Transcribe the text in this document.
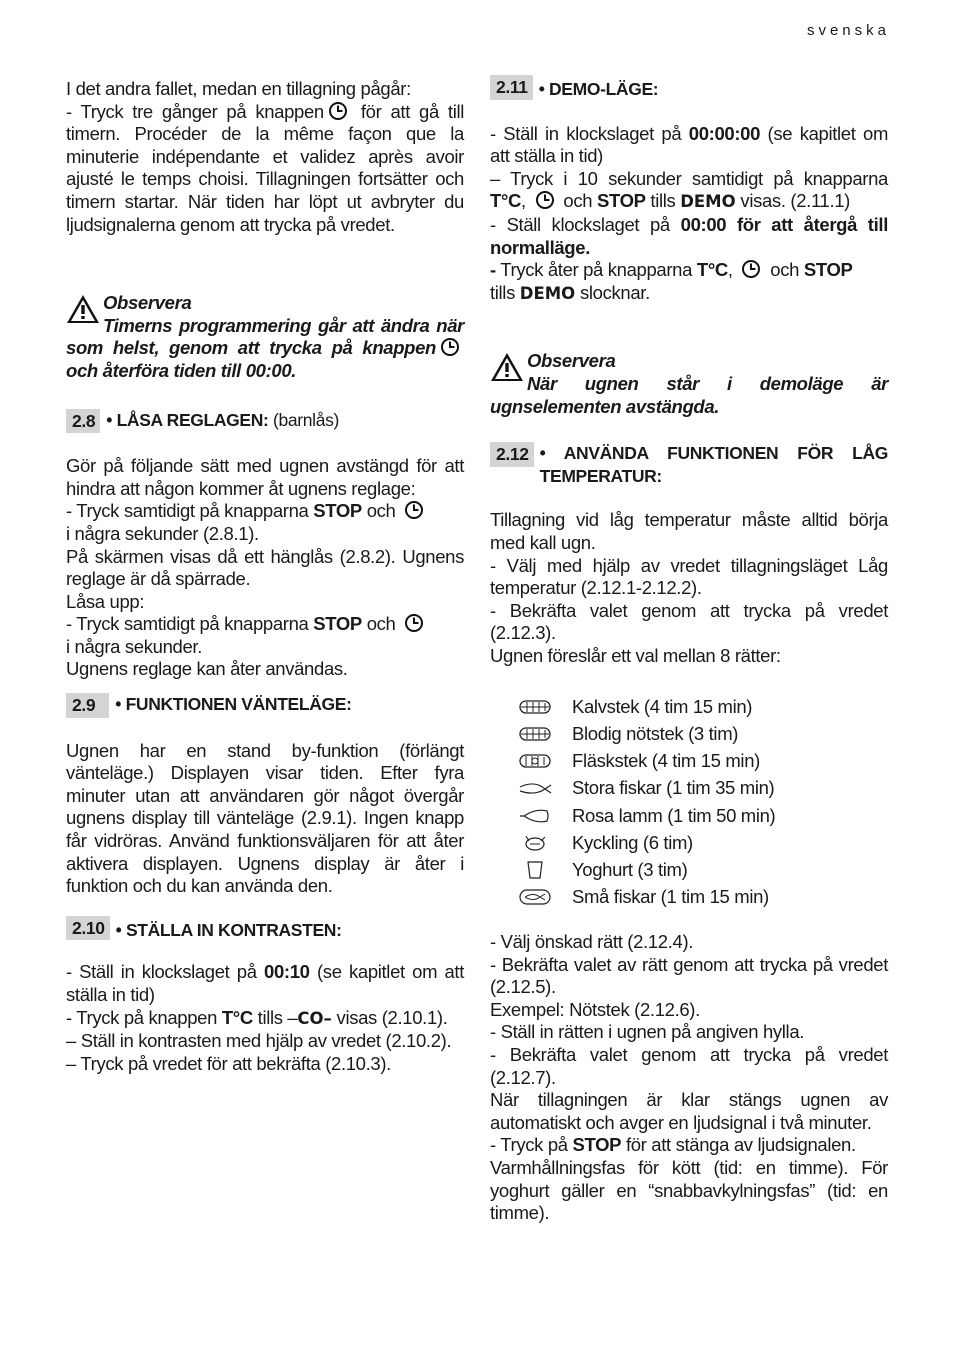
svenska

I det andra fallet, medan en tillagning pågår:

- Tryck tre gånger på knappen för att gå till timern. Procéder de la même façon que la minuterie indépendante et validez après avoir ajusté le temps choisi. Tillagningen fortsätter och timern startar. När tiden har löpt ut avbryter du ljudsignalerna genom att trycka på vredet.

Observera
Timerns programmering går att ändra när som helst, genom att trycka på knappen
och återföra tiden till 00:00.
2.8 • LÅSA REGLAGEN: (barnlås)

Gör på följande sätt med ugnen avstängd för att hindra att någon kommer åt ugnens reglage:

- Tryck samtidigt på knapparna STOP och

i några sekunder (2.8.1).

På skärmen visas då ett hänglås (2.8.2). Ugnens reglage är då spärrade.

Låsa upp:

- Tryck samtidigt på knapparna STOP och

i några sekunder.

Ugnens reglage kan åter användas.

2.9	• FUNKTIONEN VÄNTELÄGE:

Ugnen har en stand by-funktion (förlängt vänteläge.) Displayen visar tiden. Efter fyra minuter utan att användaren gör något övergår ugnens display till vänteläge (2.9.1). Ingen knapp får vidröras. Använd funktionsväljaren för att åter aktivera displayen. Ugnens display är åter i funktion och du kan använda den.

2.10 • STÄLLA IN KONTRASTEN:

- Ställ in klockslaget på 00:10 (se kapitlet om att ställa in tid)

- Tryck på knappen T°C tills –CO– visas (2.10.1).

– Ställ in kontrasten med hjälp av vredet (2.10.2).

– Tryck på vredet för att bekräfta (2.10.3).

2.11 • DEMO-LÄGE:

- Ställ in klockslaget på 00:00:00 (se kapitlet om att ställa in tid)

– Tryck i 10 sekunder samtidigt på knapparna T°C, och STOP tills DEMO visas. (2.11.1)

- Ställ klockslaget på 00:00 för att återgå till normalläge.

- Tryck åter på knapparna T°C, och STOP
tills DEMO slocknar.

Observera
När ugnen står i demoläge är ugnselementen avstängda.
2.12 • ANVÄNDA FUNKTIONEN FÖR LÅG TEMPERATUR:

Tillagning vid låg temperatur måste alltid börja med kall ugn.

- Välj med hjälp av vredet tillagningsläget Låg temperatur (2.12.1-2.12.2).

- Bekräfta valet genom att trycka på vredet (2.12.3).

Ugnen föreslår ett val mellan 8 rätter:

Kalvstek (4 tim 15 min)
Blodig nötstek (3 tim)
Fläskstek (4 tim 15 min)
Stora fiskar (1 tim 35 min)
Rosa lamm (1 tim 50 min)
Kyckling (6 tim)
Yoghurt (3 tim)
Små fiskar (1 tim 15 min)

- Välj önskad rätt (2.12.4).

- Bekräfta valet av rätt genom att trycka på vredet (2.12.5).

Exempel: Nötstek (2.12.6).

- Ställ in rätten i ugnen på angiven hylla.

- Bekräfta valet genom att trycka på vredet (2.12.7).

När tillagningen är klar stängs ugnen av automatiskt och avger en ljudsignal i två minuter.

- Tryck på STOP för att stänga av ljudsignalen.

Varmhållningsfas för kött (tid: en timme). För yoghurt gäller en “snabbavkylningsfas” (tid: en timme).
